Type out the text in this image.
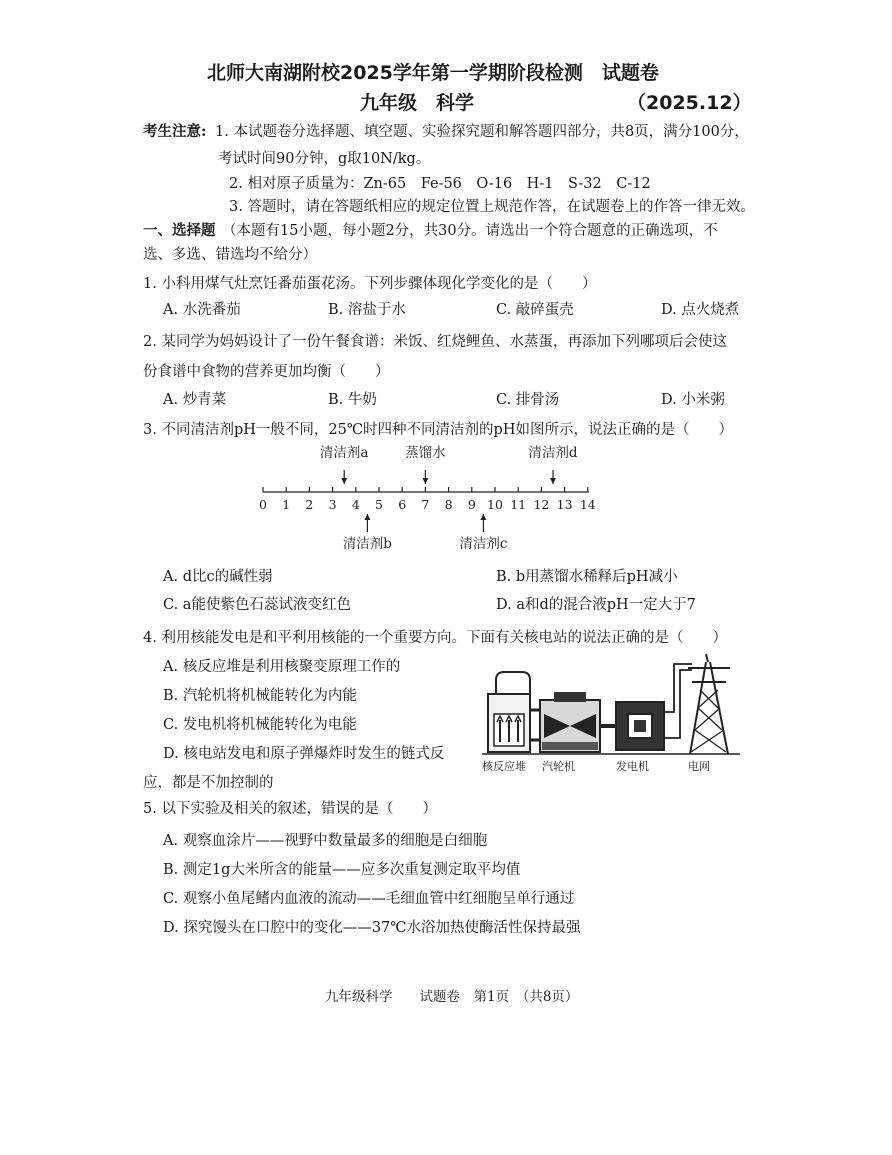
北师大南湖附校2025学年第一学期阶段检测　试题卷
九年级　科学	（2025.12）
考生注意: 1. 本试题卷分选择题、填空题、实验探究题和解答题四部分，共8页，满分100分，
考试时间90分钟，g取10N/kg。
2. 相对原子质量为：Zn-65　Fe-56　O-16　H-1　S-32　C-12
3. 答题时，请在答题纸相应的规定位置上规范作答，在试题卷上的作答一律无效。
一、选择题 （本题有15小题，每小题2分，共30分。请选出一个符合题意的正确选项，不
选、多选、错选均不给分）
1. 小科用煤气灶烹饪番茄蛋花汤。下列步骤体现化学变化的是（　　）
A. 水洗番茄	B. 溶盐于水	C. 敲碎蛋壳	D. 点火烧煮
2. 某同学为妈妈设计了一份午餐食谱：米饭、红烧鲤鱼、水蒸蛋，再添加下列哪项后会使这
份食谱中食物的营养更加均衡（　　）
A. 炒青菜	B. 牛奶	C. 排骨汤	D. 小米粥
3. 不同清洁剂pH一般不同，25℃时四种不同清洁剂的pH如图所示，说法正确的是（　　）
0 1 2 3 4 5 6 7 8 9 10 11 12 13 14
清洁剂a	蒸馏水	清洁剂d
清洁剂b	清洁剂c
A. d比c的碱性弱	B. b用蒸馏水稀释后pH减小
C. a能使紫色石蕊试液变红色	D. a和d的混合液pH一定大于7
4. 利用核能发电是和平利用核能的一个重要方向。下面有关核电站的说法正确的是（　　）
A. 核反应堆是利用核聚变原理工作的
B. 汽轮机将机械能转化为内能
C. 发电机将机械能转化为电能
D. 核电站发电和原子弹爆炸时发生的链式反
应，都是不加控制的
核反应堆 汽轮机	发电机	电网
5. 以下实验及相关的叙述，错误的是（　　）
A. 观察血涂片——视野中数量最多的细胞是白细胞
B. 测定1g大米所含的能量——应多次重复测定取平均值
C. 观察小鱼尾鳍内血液的流动——毛细血管中红细胞呈单行通过
D. 探究馒头在口腔中的变化——37℃水浴加热使酶活性保持最强
九年级科学　　试题卷　第1页　（共8页）
